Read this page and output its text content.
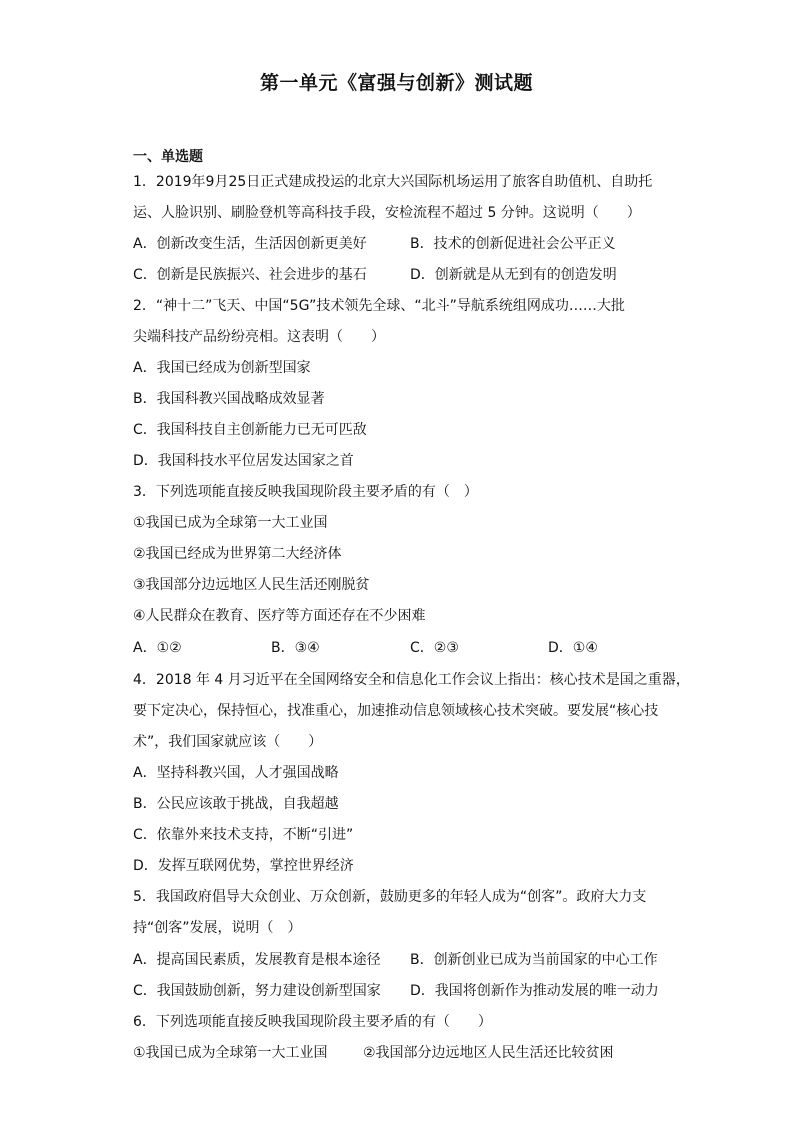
第一单元《富强与创新》测试题
一、单选题
1．2019年9月25日正式建成投运的北京大兴国际机场运用了旅客自助值机、自助托
运、人脸识别、刷脸登机等高科技手段，安检流程不超过 5 分钟。这说明（　　）
A．创新改变生活，生活因创新更美好	B．技术的创新促进社会公平正义
C．创新是民族振兴、社会进步的基石	D．创新就是从无到有的创造发明
2．“神十二”飞天、中国“5G”技术领先全球、“北斗”导航系统组网成功……大批
尖端科技产品纷纷亮相。这表明（　　）
A．我国已经成为创新型国家
B．我国科教兴国战略成效显著
C．我国科技自主创新能力已无可匹敌
D．我国科技水平位居发达国家之首
3．下列选项能直接反映我国现阶段主要矛盾的有（　）
①我国已成为全球第一大工业国
②我国已经成为世界第二大经济体
③我国部分边远地区人民生活还刚脱贫
④人民群众在教育、医疗等方面还存在不少困难
A．①②	B．③④	C．②③	D．①④
4．2018 年 4 月习近平在全国网络安全和信息化工作会议上指出：核心技术是国之重器，
要下定决心，保持恒心，找准重心，加速推动信息领域核心技术突破。要发展“核心技
术”，我们国家就应该（　　）
A．坚持科教兴国，人才强国战略
B．公民应该敢于挑战，自我超越
C．依靠外来技术支持，不断“引进”
D．发挥互联网优势，掌控世界经济
5．我国政府倡导大众创业、万众创新，鼓励更多的年轻人成为“创客”。政府大力支
持“创客”发展，说明（　）
A．提高国民素质，发展教育是根本途径 B．创新创业已成为当前国家的中心工作
C．我国鼓励创新，努力建设创新型国家 D．我国将创新作为推动发展的唯一动力
6．下列选项能直接反映我国现阶段主要矛盾的有（　　）
①我国已成为全球第一大工业国	②我国部分边远地区人民生活还比较贫困
